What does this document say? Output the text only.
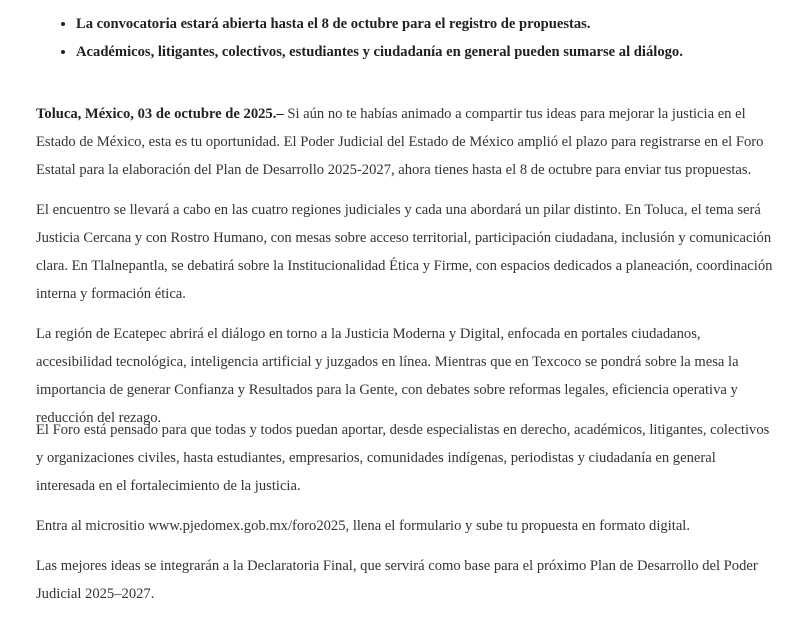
• La convocatoria estará abierta hasta el 8 de octubre para el registro de propuestas.
• Académicos, litigantes, colectivos, estudiantes y ciudadanía en general pueden sumarse al diálogo.

Toluca, México, 03 de octubre de 2025.– Si aún no te habías animado a compartir tus ideas para mejorar la justicia en el Estado de México, esta es tu oportunidad. El Poder Judicial del Estado de México amplió el plazo para registrarse en el Foro Estatal para la elaboración del Plan de Desarrollo 2025-2027, ahora tienes hasta el 8 de octubre para enviar tus propuestas.

El encuentro se llevará a cabo en las cuatro regiones judiciales y cada una abordará un pilar distinto. En Toluca, el tema será Justicia Cercana y con Rostro Humano, con mesas sobre acceso territorial, participación ciudadana, inclusión y comunicación clara. En Tlalnepantla, se debatirá sobre la Institucionalidad Ética y Firme, con espacios dedicados a planeación, coordinación interna y formación ética.

La región de Ecatepec abrirá el diálogo en torno a la Justicia Moderna y Digital, enfocada en portales ciudadanos, accesibilidad tecnológica, inteligencia artificial y juzgados en línea. Mientras que en Texcoco se pondrá sobre la mesa la importancia de generar Confianza y Resultados para la Gente, con debates sobre reformas legales, eficiencia operativa y reducción del rezago.

El Foro está pensado para que todas y todos puedan aportar, desde especialistas en derecho, académicos, litigantes, colectivos y organizaciones civiles, hasta estudiantes, empresarios, comunidades indígenas, periodistas y ciudadanía en general interesada en el fortalecimiento de la justicia.

Entra al micrositio www.pjedomex.gob.mx/foro2025, llena el formulario y sube tu propuesta en formato digital.

Las mejores ideas se integrarán a la Declaratoria Final, que servirá como base para el próximo Plan de Desarrollo del Poder Judicial 2025–2027.
